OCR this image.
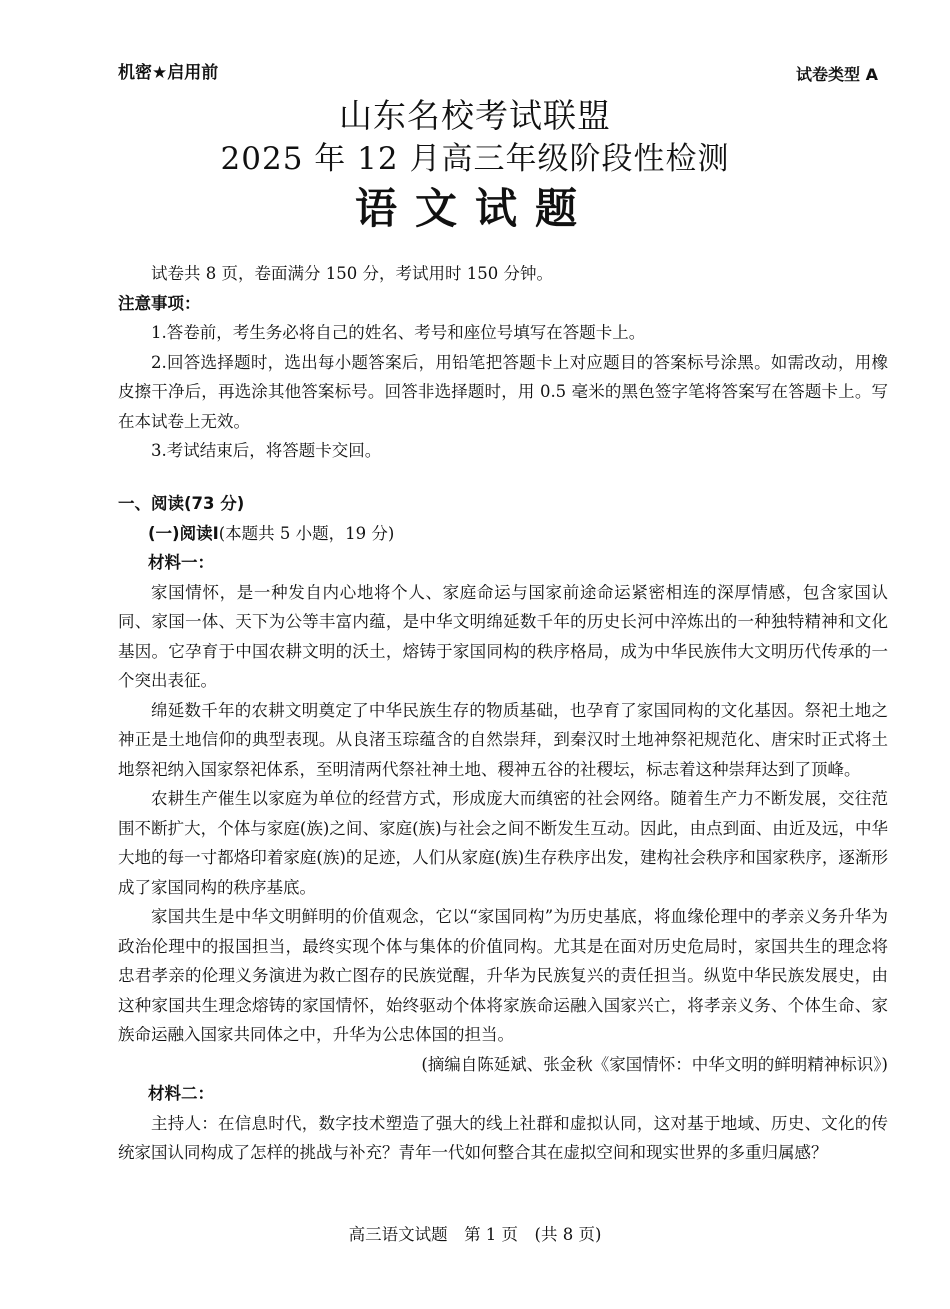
机密★启用前	试卷类型 A
山东名校考试联盟
2025 年 12 月高三年级阶段性检测
语文试题

试卷共 8 页，卷面满分 150 分，考试用时 150 分钟。

注意事项：

1.答卷前，考生务必将自己的姓名、考号和座位号填写在答题卡上。

2.回答选择题时，选出每小题答案后，用铅笔把答题卡上对应题目的答案标号涂黑。如需改动，用橡皮擦干净后，再选涂其他答案标号。回答非选择题时，用 0.5 毫米的黑色签字笔将答案写在答题卡上。写在本试卷上无效。

3.考试结束后，将答题卡交回。

一、阅读(73 分)

(一)阅读Ⅰ(本题共 5 小题，19 分)

材料一：

家国情怀，是一种发自内心地将个人、家庭命运与国家前途命运紧密相连的深厚情感，包含家国认同、家国一体、天下为公等丰富内蕴，是中华文明绵延数千年的历史长河中淬炼出的一种独特精神和文化基因。它孕育于中国农耕文明的沃土，熔铸于家国同构的秩序格局，成为中华民族伟大文明历代传承的一个突出表征。

绵延数千年的农耕文明奠定了中华民族生存的物质基础，也孕育了家国同构的文化基因。祭祀土地之神正是土地信仰的典型表现。从良渚玉琮蕴含的自然崇拜，到秦汉时土地神祭祀规范化、唐宋时正式将土地祭祀纳入国家祭祀体系，至明清两代祭社神土地、稷神五谷的社稷坛，标志着这种崇拜达到了顶峰。

农耕生产催生以家庭为单位的经营方式，形成庞大而缜密的社会网络。随着生产力不断发展，交往范围不断扩大，个体与家庭(族)之间、家庭(族)与社会之间不断发生互动。因此，由点到面、由近及远，中华大地的每一寸都烙印着家庭(族)的足迹，人们从家庭(族)生存秩序出发，建构社会秩序和国家秩序，逐渐形成了家国同构的秩序基底。

家国共生是中华文明鲜明的价值观念，它以“家国同构”为历史基底，将血缘伦理中的孝亲义务升华为政治伦理中的报国担当，最终实现个体与集体的价值同构。尤其是在面对历史危局时，家国共生的理念将忠君孝亲的伦理义务演进为救亡图存的民族觉醒，升华为民族复兴的责任担当。纵览中华民族发展史，由这种家国共生理念熔铸的家国情怀，始终驱动个体将家族命运融入国家兴亡，将孝亲义务、个体生命、家族命运融入国家共同体之中，升华为公忠体国的担当。

(摘编自陈延斌、张金秋《家国情怀：中华文明的鲜明精神标识》)

材料二：

主持人：在信息时代，数字技术塑造了强大的线上社群和虚拟认同，这对基于地域、历史、文化的传统家国认同构成了怎样的挑战与补充？青年一代如何整合其在虚拟空间和现实世界的多重归属感？

高三语文试题　第 1 页　(共 8 页)
